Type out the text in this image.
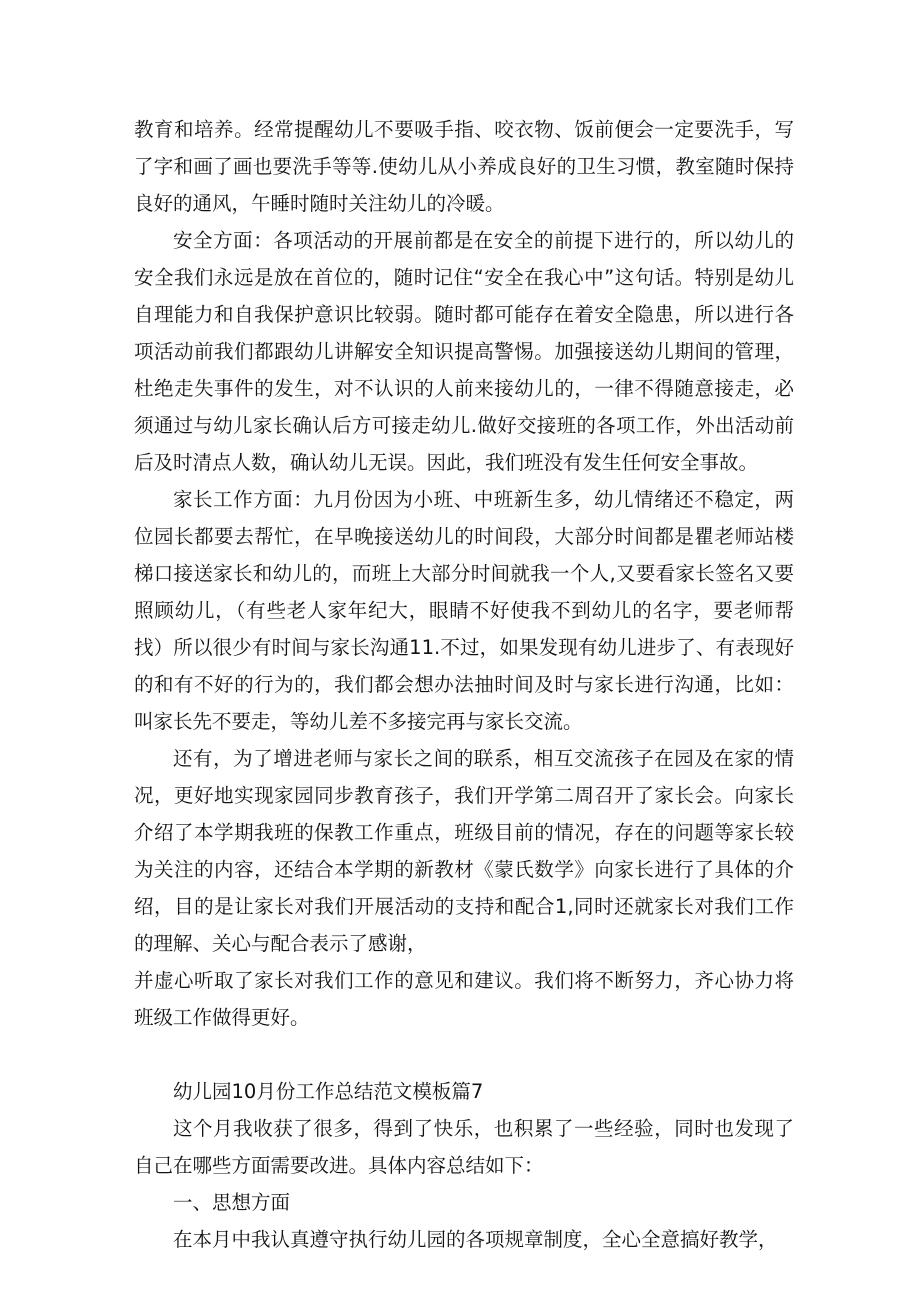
教育和培养。经常提醒幼儿不要吸手指、咬衣物、饭前便会一定要洗手，写了字和画了画也要洗手等等.使幼儿从小养成良好的卫生习惯，教室随时保持良好的通风，午睡时随时关注幼儿的冷暖。

安全方面：各项活动的开展前都是在安全的前提下进行的，所以幼儿的安全我们永远是放在首位的，随时记住“安全在我心中”这句话。特别是幼儿自理能力和自我保护意识比较弱。随时都可能存在着安全隐患，所以进行各项活动前我们都跟幼儿讲解安全知识提高警惕。加强接送幼儿期间的管理，杜绝走失事件的发生，对不认识的人前来接幼儿的，一律不得随意接走，必须通过与幼儿家长确认后方可接走幼儿.做好交接班的各项工作，外出活动前后及时清点人数，确认幼儿无误。因此，我们班没有发生任何安全事故。

家长工作方面：九月份因为小班、中班新生多，幼儿情绪还不稳定，两位园长都要去帮忙，在早晚接送幼儿的时间段，大部分时间都是瞿老师站楼梯口接送家长和幼儿的，而班上大部分时间就我一个人,又要看家长签名又要照顾幼儿，（有些老人家年纪大，眼睛不好使我不到幼儿的名字，要老师帮找）所以很少有时间与家长沟通11.不过，如果发现有幼儿进步了、有表现好的和有不好的行为的，我们都会想办法抽时间及时与家长进行沟通，比如：叫家长先不要走，等幼儿差不多接完再与家长交流。

还有，为了增进老师与家长之间的联系，相互交流孩子在园及在家的情况，更好地实现家园同步教育孩子，我们开学第二周召开了家长会。向家长介绍了本学期我班的保教工作重点，班级目前的情况，存在的问题等家长较为关注的内容，还结合本学期的新教材《蒙氏数学》向家长进行了具体的介绍，目的是让家长对我们开展活动的支持和配合1,同时还就家长对我们工作的理解、关心与配合表示了感谢，

并虚心听取了家长对我们工作的意见和建议。我们将不断努力，齐心协力将班级工作做得更好。

幼儿园10月份工作总结范文模板篇7

这个月我收获了很多，得到了快乐，也积累了一些经验，同时也发现了自己在哪些方面需要改进。具体内容总结如下：

一、思想方面

在本月中我认真遵守执行幼儿园的各项规章制度，全心全意搞好教学，
